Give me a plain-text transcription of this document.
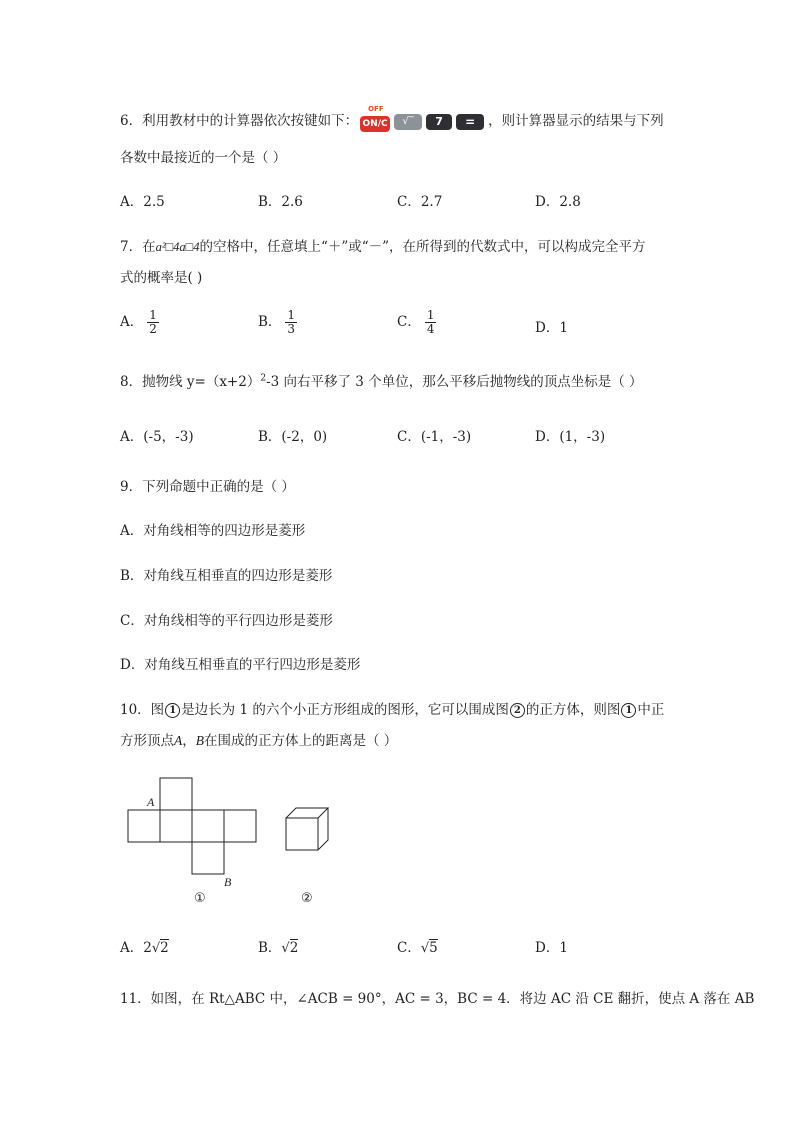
6．利用教材中的计算器依次按键如下：
OFF
ON/C	√‾	7	= ，则计算器显示的结果与下列
各数中最接近的一个是（ ）
A．2.5	B．2.6	C．2.7	D．2.8
7．在a²□4a□4的空格中，任意填上“＋”或“－”，在所得到的代数式中，可以构成完全平方
式的概率是( )
A． $\frac{1}{2}$	B． $\frac{1}{3}$	C． $\frac{1}{4}$	D．1
8．抛物线 $y=(x+2)^2-3$ 向右平移了 3 个单位，那么平移后抛物线的顶点坐标是（ ）
A．(-5，-3)	B．(-2，0)	C．(-1，-3)	D．(1，-3)
9．下列命题中正确的是（ ）
A．对角线相等的四边形是菱形
B．对角线互相垂直的四边形是菱形
C．对角线相等的平行四边形是菱形
D．对角线互相垂直的平行四边形是菱形
10．图 1 是边长为 1 的六个小正方形组成的图形，它可以围成图 2 的正方体，则图 1 中正
方形顶点A，B在围成的正方体上的距离是（ ）
A
B
①	②
A．2√2	B．√2	C．√5	D．1
11．如图，在 Rt△ABC 中，∠ACB = 90°，AC = 3，BC = 4．将边 AC 沿 CE 翻折，使点 A 落在 AB
